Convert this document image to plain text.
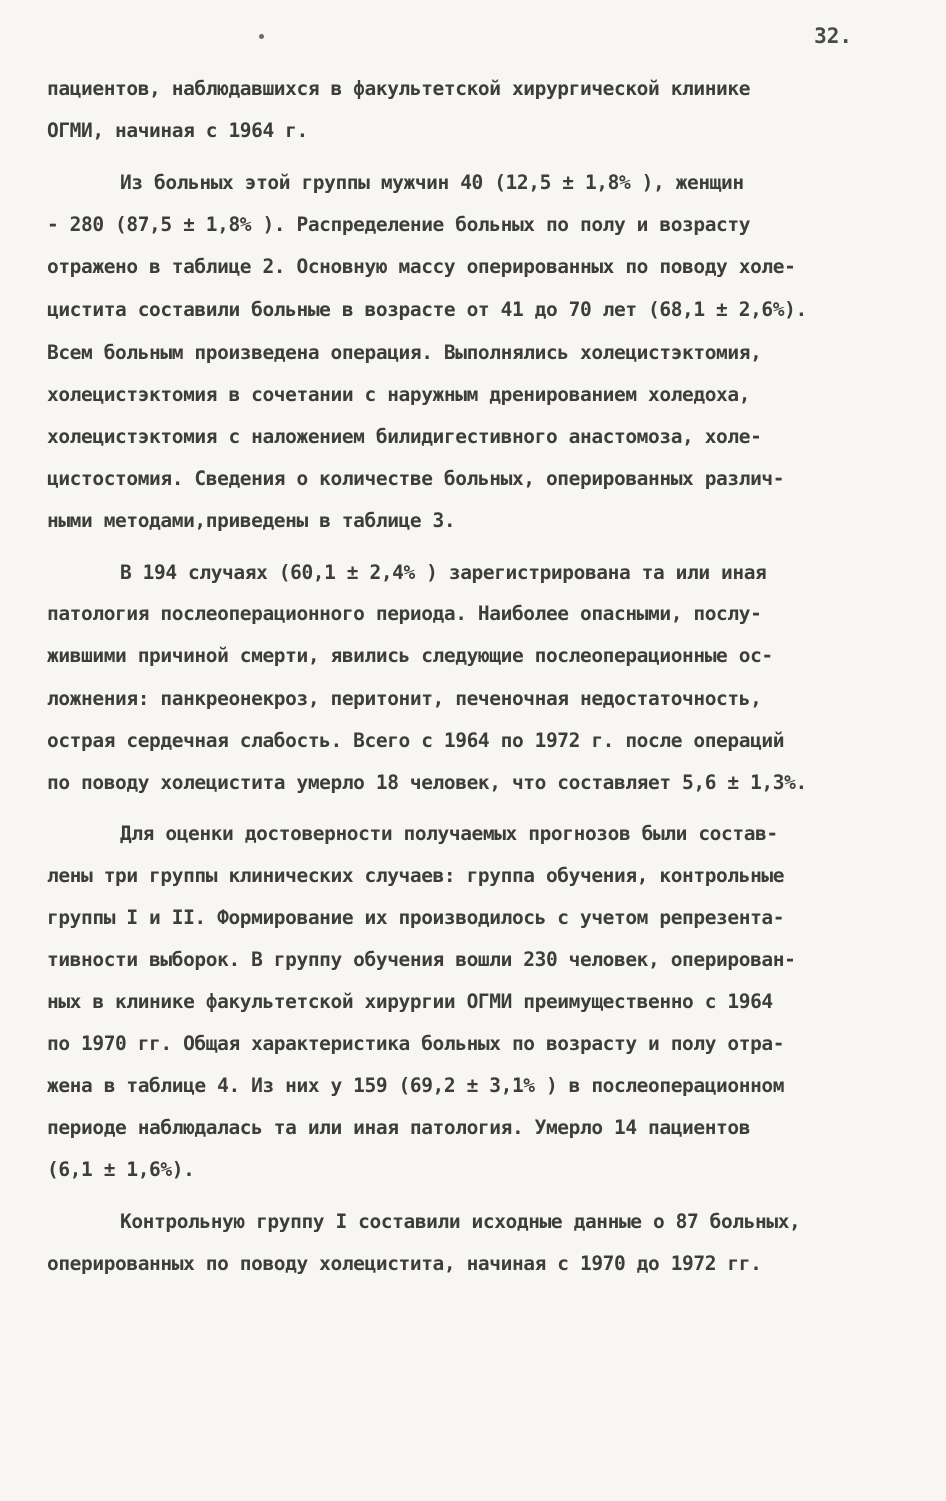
32.
пациентов, наблюдавшихся в факультетской хирургической клинике
ОГМИ, начиная с 1964 г.
Из больных этой группы мужчин 40 (12,5 ± 1,8% ), женщин
- 280 (87,5 ± 1,8% ). Распределение больных по полу и возрасту
отражено в таблице 2. Основную массу оперированных по поводу холе-
цистита составили больные в возрасте от 41 до 70 лет (68,1 ± 2,6%).
Всем больным произведена операция. Выполнялись холецистэктомия,
холецистэктомия в сочетании с наружным дренированием холедоха,
холецистэктомия с наложением билидигестивного анастомоза, холе-
цистостомия. Сведения о количестве больных, оперированных различ-
ными методами,приведены в таблице 3.
В 194 случаях (60,1 ± 2,4% ) зарегистрирована та или иная
патология послеоперационного периода. Наиболее опасными, послу-
жившими причиной смерти, явились следующие послеоперационные ос-
ложнения: панкреонекроз, перитонит, печеночная недостаточность,
острая сердечная слабость. Всего с 1964 по 1972 г. после операций
по поводу холецистита умерло 18 человек, что составляет 5,6 ± 1,3%.
Для оценки достоверности получаемых прогнозов были состав-
лены три группы клинических случаев: группа обучения, контрольные
группы I и II. Формирование их производилось с учетом репрезента-
тивности выборок. В группу обучения вошли 230 человек, оперирован-
ных в клинике факультетской хирургии ОГМИ преимущественно с 1964
по 1970 гг. Общая характеристика больных по возрасту и полу отра-
жена в таблице 4. Из них у 159 (69,2 ± 3,1% ) в послеоперационном
периоде наблюдалась та или иная патология. Умерло 14 пациентов
(6,1 ± 1,6%).
Контрольную группу I составили исходные данные о 87 больных,
оперированных по поводу холецистита, начиная с 1970 до 1972 гг.
